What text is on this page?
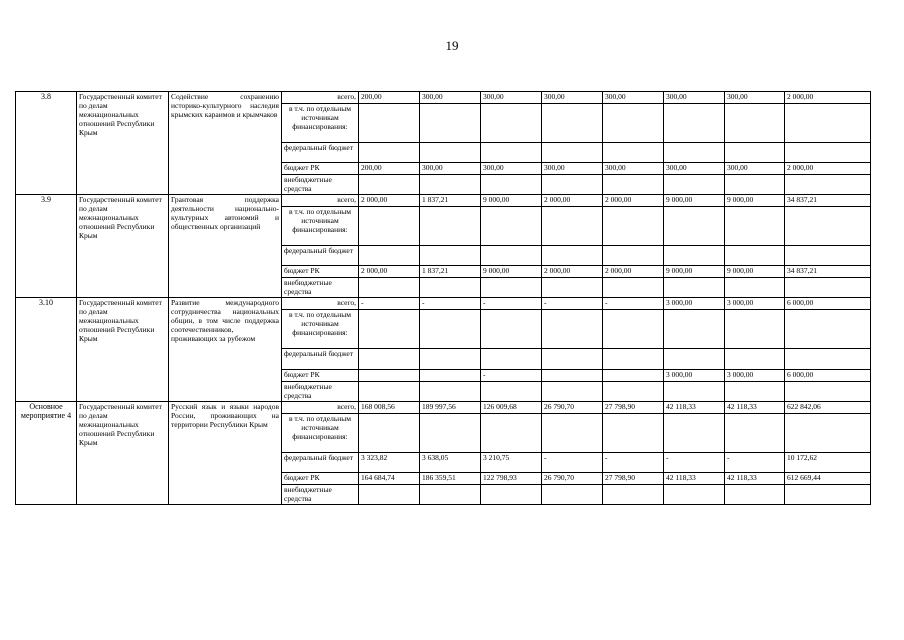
19
3.8	Государственный комитет по делам межнациональных отношений Республики Крым	Содействие сохранению историко-культурного наследия крымских караимов и крымчаков	всего,	200,00	300,00	300,00	300,00	300,00	300,00	300,00	2 000,00
			в т.ч. по отдельным источникам финансирования:								
			федеральный бюджет								
			бюджет РК	200,00	300,00	300,00	300,00	300,00	300,00	300,00	2 000,00
			внебюджетные средства								
3.9	Государственный комитет по делам межнациональных отношений Республики Крым	Грантовая поддержка деятельности национально-культурных автономий и общественных организаций	всего,	2 000,00	1 837,21	9 000,00	2 000,00	2 000,00	9 000,00	9 000,00	34 837,21
			в т.ч. по отдельным источникам финансирования:								
			федеральный бюджет								
			бюджет РК	2 000,00	1 837,21	9 000,00	2 000,00	2 000,00	9 000,00	9 000,00	34 837,21
			внебюджетные средства								
3.10	Государственный комитет по делам межнациональных отношений Республики Крым	Развитие международного сотрудничества национальных общин, в том числе поддержка соотечественников, проживающих за рубежом	всего,	-	-	-	-	-	3 000,00	3 000,00	6 000,00
			в т.ч. по отдельным источникам финансирования:								
			федеральный бюджет								
			бюджет РК			-			3 000,00	3 000,00	6 000,00
			внебюджетные средства								
Основное мероприятие 4	Государственный комитет по делам межнациональных отношений Республики Крым	Русский язык и языки народов России, проживающих на территории Республики Крым	всего,	168 008,56	189 997,56	126 009,68	26 790,70	27 798,90	42 118,33	42 118,33	622 842,06
			в т.ч. по отдельным источникам финансирования:								
			федеральный бюджет	3 323,82	3 638,05	3 210,75	-	-	-	-	10 172,62
			бюджет РК	164 684,74	186 359,51	122 798,93	26 790,70	27 798,90	42 118,33	42 118,33	612 669,44
			внебюджетные средства								
